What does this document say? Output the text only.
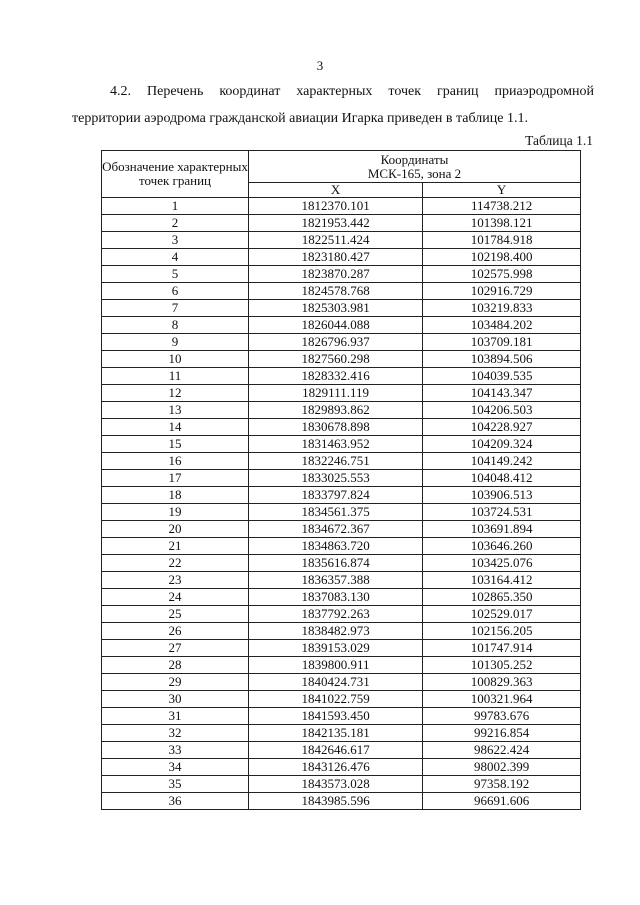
3
4.2. Перечень координат характерных точек границ приаэродромной
территории аэродрома гражданской авиации Игарка приведен в таблице 1.1.
Таблица 1.1
Обозначение характерных точек границ	Координаты
МСК-165, зона 2	

	X	Y
1	1812370.101	114738.212
2	1821953.442	101398.121
3	1822511.424	101784.918
4	1823180.427	102198.400
5	1823870.287	102575.998
6	1824578.768	102916.729
7	1825303.981	103219.833
8	1826044.088	103484.202
9	1826796.937	103709.181
10	1827560.298	103894.506
11	1828332.416	104039.535
12	1829111.119	104143.347
13	1829893.862	104206.503
14	1830678.898	104228.927
15	1831463.952	104209.324
16	1832246.751	104149.242
17	1833025.553	104048.412
18	1833797.824	103906.513
19	1834561.375	103724.531
20	1834672.367	103691.894
21	1834863.720	103646.260
22	1835616.874	103425.076
23	1836357.388	103164.412
24	1837083.130	102865.350
25	1837792.263	102529.017
26	1838482.973	102156.205
27	1839153.029	101747.914
28	1839800.911	101305.252
29	1840424.731	100829.363
30	1841022.759	100321.964
31	1841593.450	99783.676
32	1842135.181	99216.854
33	1842646.617	98622.424
34	1843126.476	98002.399
35	1843573.028	97358.192
36	1843985.596	96691.606
